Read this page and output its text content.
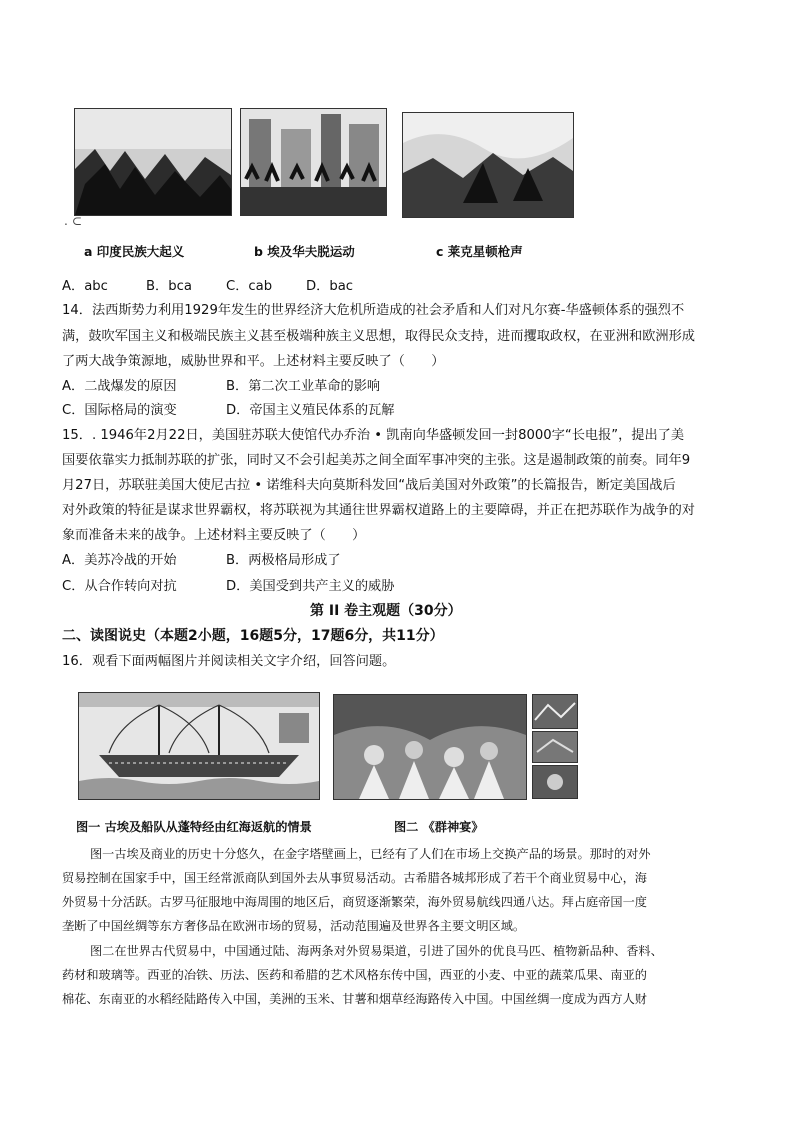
. ⊂
a 印度民族大起义	b 埃及华夫脱运动	c 莱克星顿枪声
A．abc	B．bca	C．cab	D．bac
14．法西斯势力利用1929年发生的世界经济大危机所造成的社会矛盾和人们对凡尔赛-华盛顿体系的强烈不
满，鼓吹军国主义和极端民族主义甚至极端种族主义思想，取得民众支持，进而攫取政权，在亚洲和欧洲形成
了两大战争策源地，威胁世界和平。上述材料主要反映了（　　）
A．二战爆发的原因	B．第二次工业革命的影响
C．国际格局的演变	D．帝国主义殖民体系的瓦解
15．. 1946年2月22日，美国驻苏联大使馆代办乔治 • 凯南向华盛顿发回一封8000字“长电报”，提出了美
国要依靠实力抵制苏联的扩张，同时又不会引起美苏之间全面军事冲突的主张。这是遏制政策的前奏。同年9
月27日，苏联驻美国大使尼古拉 • 诺维科夫向莫斯科发回“战后美国对外政策”的长篇报告，断定美国战后
对外政策的特征是谋求世界霸权，将苏联视为其通往世界霸权道路上的主要障碍，并正在把苏联作为战争的对
象而准备未来的战争。上述材料主要反映了（　　）
A．美苏冷战的开始	B．两极格局形成了
C．从合作转向对抗	D．美国受到共产主义的威胁
第 II 卷主观题（30分）
二、读图说史（本题2小题，16题5分，17题6分，共11分）
16．观看下面两幅图片并阅读相关文字介绍，回答问题。
图一 古埃及船队从蓬特经由红海返航的情景	图二 《群神宴》
图一古埃及商业的历史十分悠久，在金字塔壁画上，已经有了人们在市场上交换产品的场景。那时的对外
贸易控制在国家手中，国王经常派商队到国外去从事贸易活动。古希腊各城邦形成了若干个商业贸易中心，海
外贸易十分活跃。古罗马征服地中海周围的地区后，商贸逐渐繁荣，海外贸易航线四通八达。拜占庭帝国一度
垄断了中国丝绸等东方奢侈品在欧洲市场的贸易，活动范围遍及世界各主要文明区域。
图二在世界古代贸易中，中国通过陆、海两条对外贸易渠道，引进了国外的优良马匹、植物新品种、香料、
药材和玻璃等。西亚的冶铁、历法、医药和希腊的艺术风格东传中国，西亚的小麦、中亚的蔬菜瓜果、南亚的
棉花、东南亚的水稻经陆路传入中国，美洲的玉米、甘薯和烟草经海路传入中国。中国丝绸一度成为西方人财
